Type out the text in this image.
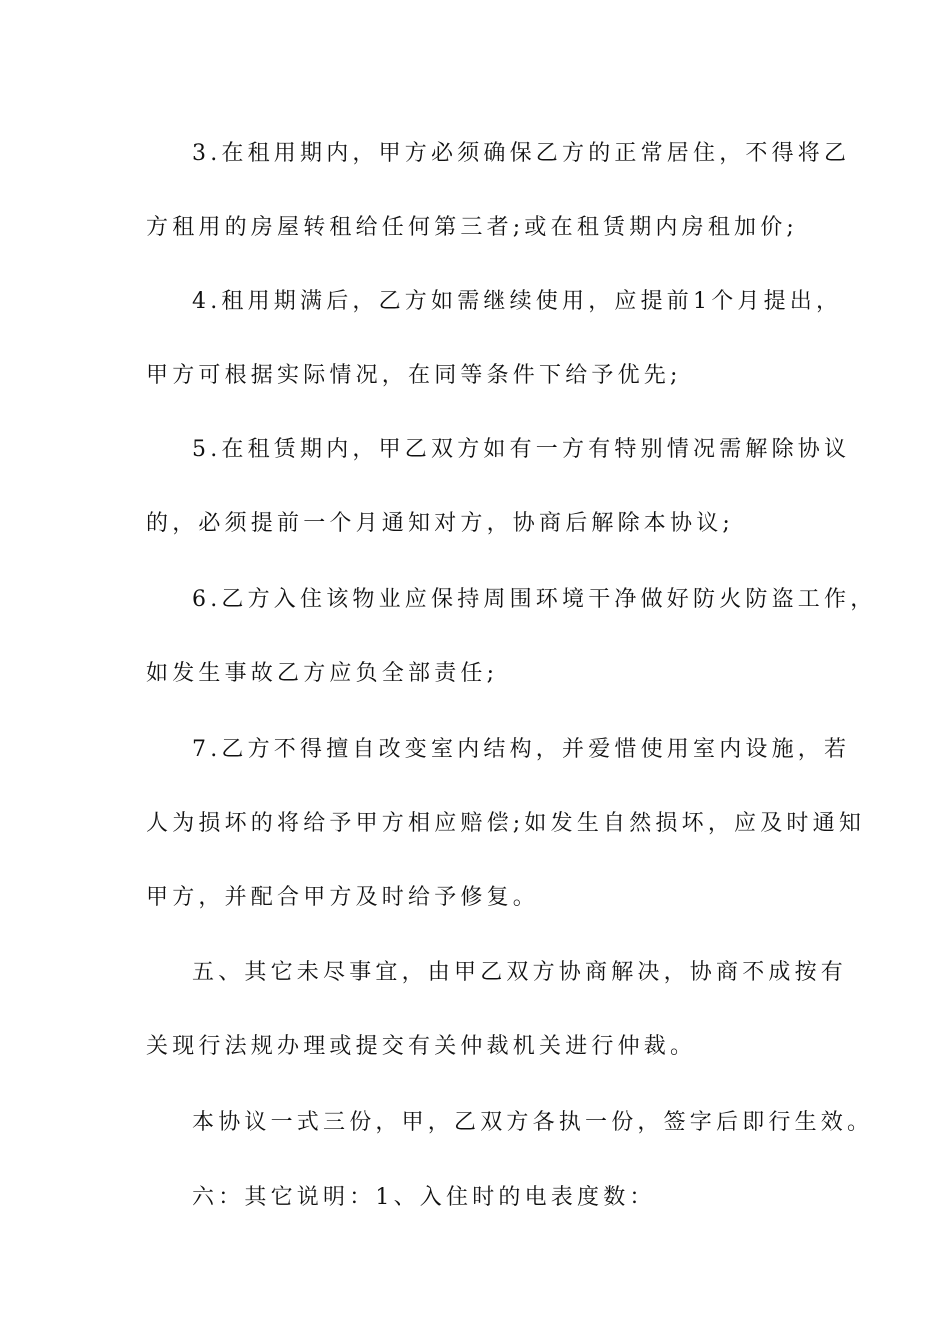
3.在租用期内，甲方必须确保乙方的正常居住，不得将乙
方租用的房屋转租给任何第三者;或在租赁期内房租加价;
4.租用期满后，乙方如需继续使用，应提前1个月提出，
甲方可根据实际情况，在同等条件下给予优先;
5.在租赁期内，甲乙双方如有一方有特别情况需解除协议
的，必须提前一个月通知对方，协商后解除本协议;
6.乙方入住该物业应保持周围环境干净做好防火防盗工作，
如发生事故乙方应负全部责任;
7.乙方不得擅自改变室内结构，并爱惜使用室内设施，若
人为损坏的将给予甲方相应赔偿;如发生自然损坏，应及时通知
甲方，并配合甲方及时给予修复。
五、其它未尽事宜，由甲乙双方协商解决，协商不成按有
关现行法规办理或提交有关仲裁机关进行仲裁。
本协议一式三份，甲，乙双方各执一份，签字后即行生效。
六：其它说明：1、入住时的电表度数：
